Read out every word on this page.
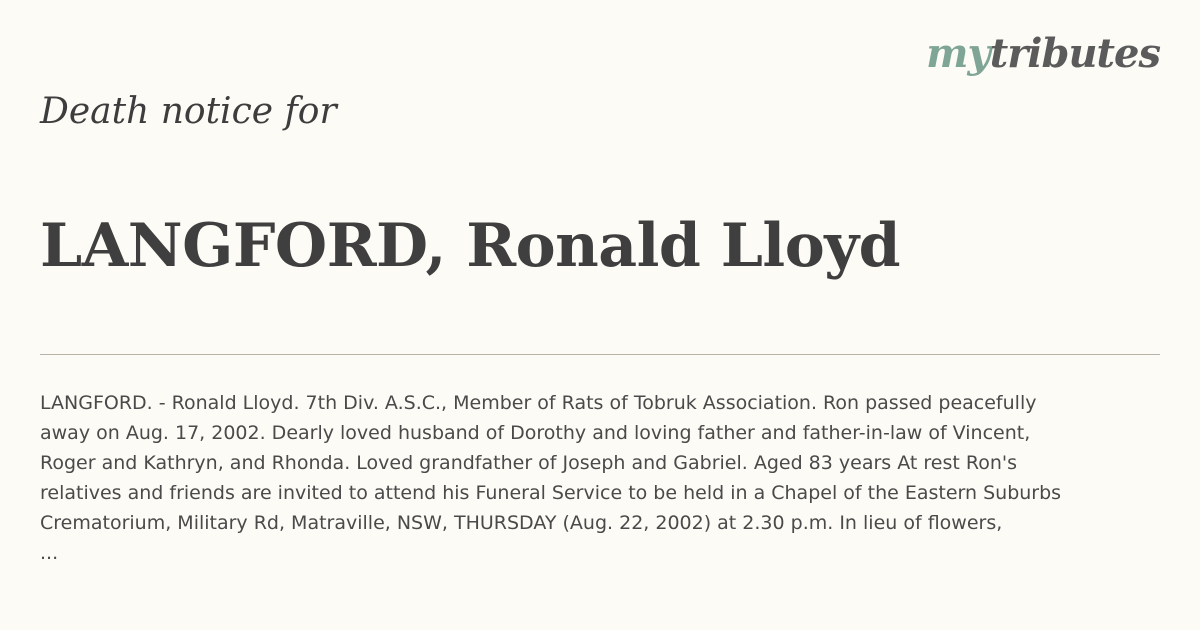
mytributes
Death notice for
LANGFORD, Ronald Lloyd

LANGFORD. - Ronald Lloyd. 7th Div. A.S.C., Member of Rats of Tobruk Association. Ron passed peacefully
away on Aug. 17, 2002. Dearly loved husband of Dorothy and loving father and father-in-law of Vincent,
Roger and Kathryn, and Rhonda. Loved grandfather of Joseph and Gabriel. Aged 83 years At rest Ron's
relatives and friends are invited to attend his Funeral Service to be held in a Chapel of the Eastern Suburbs
Crematorium, Military Rd, Matraville, NSW, THURSDAY (Aug. 22, 2002) at 2.30 p.m. In lieu of flowers,
...
